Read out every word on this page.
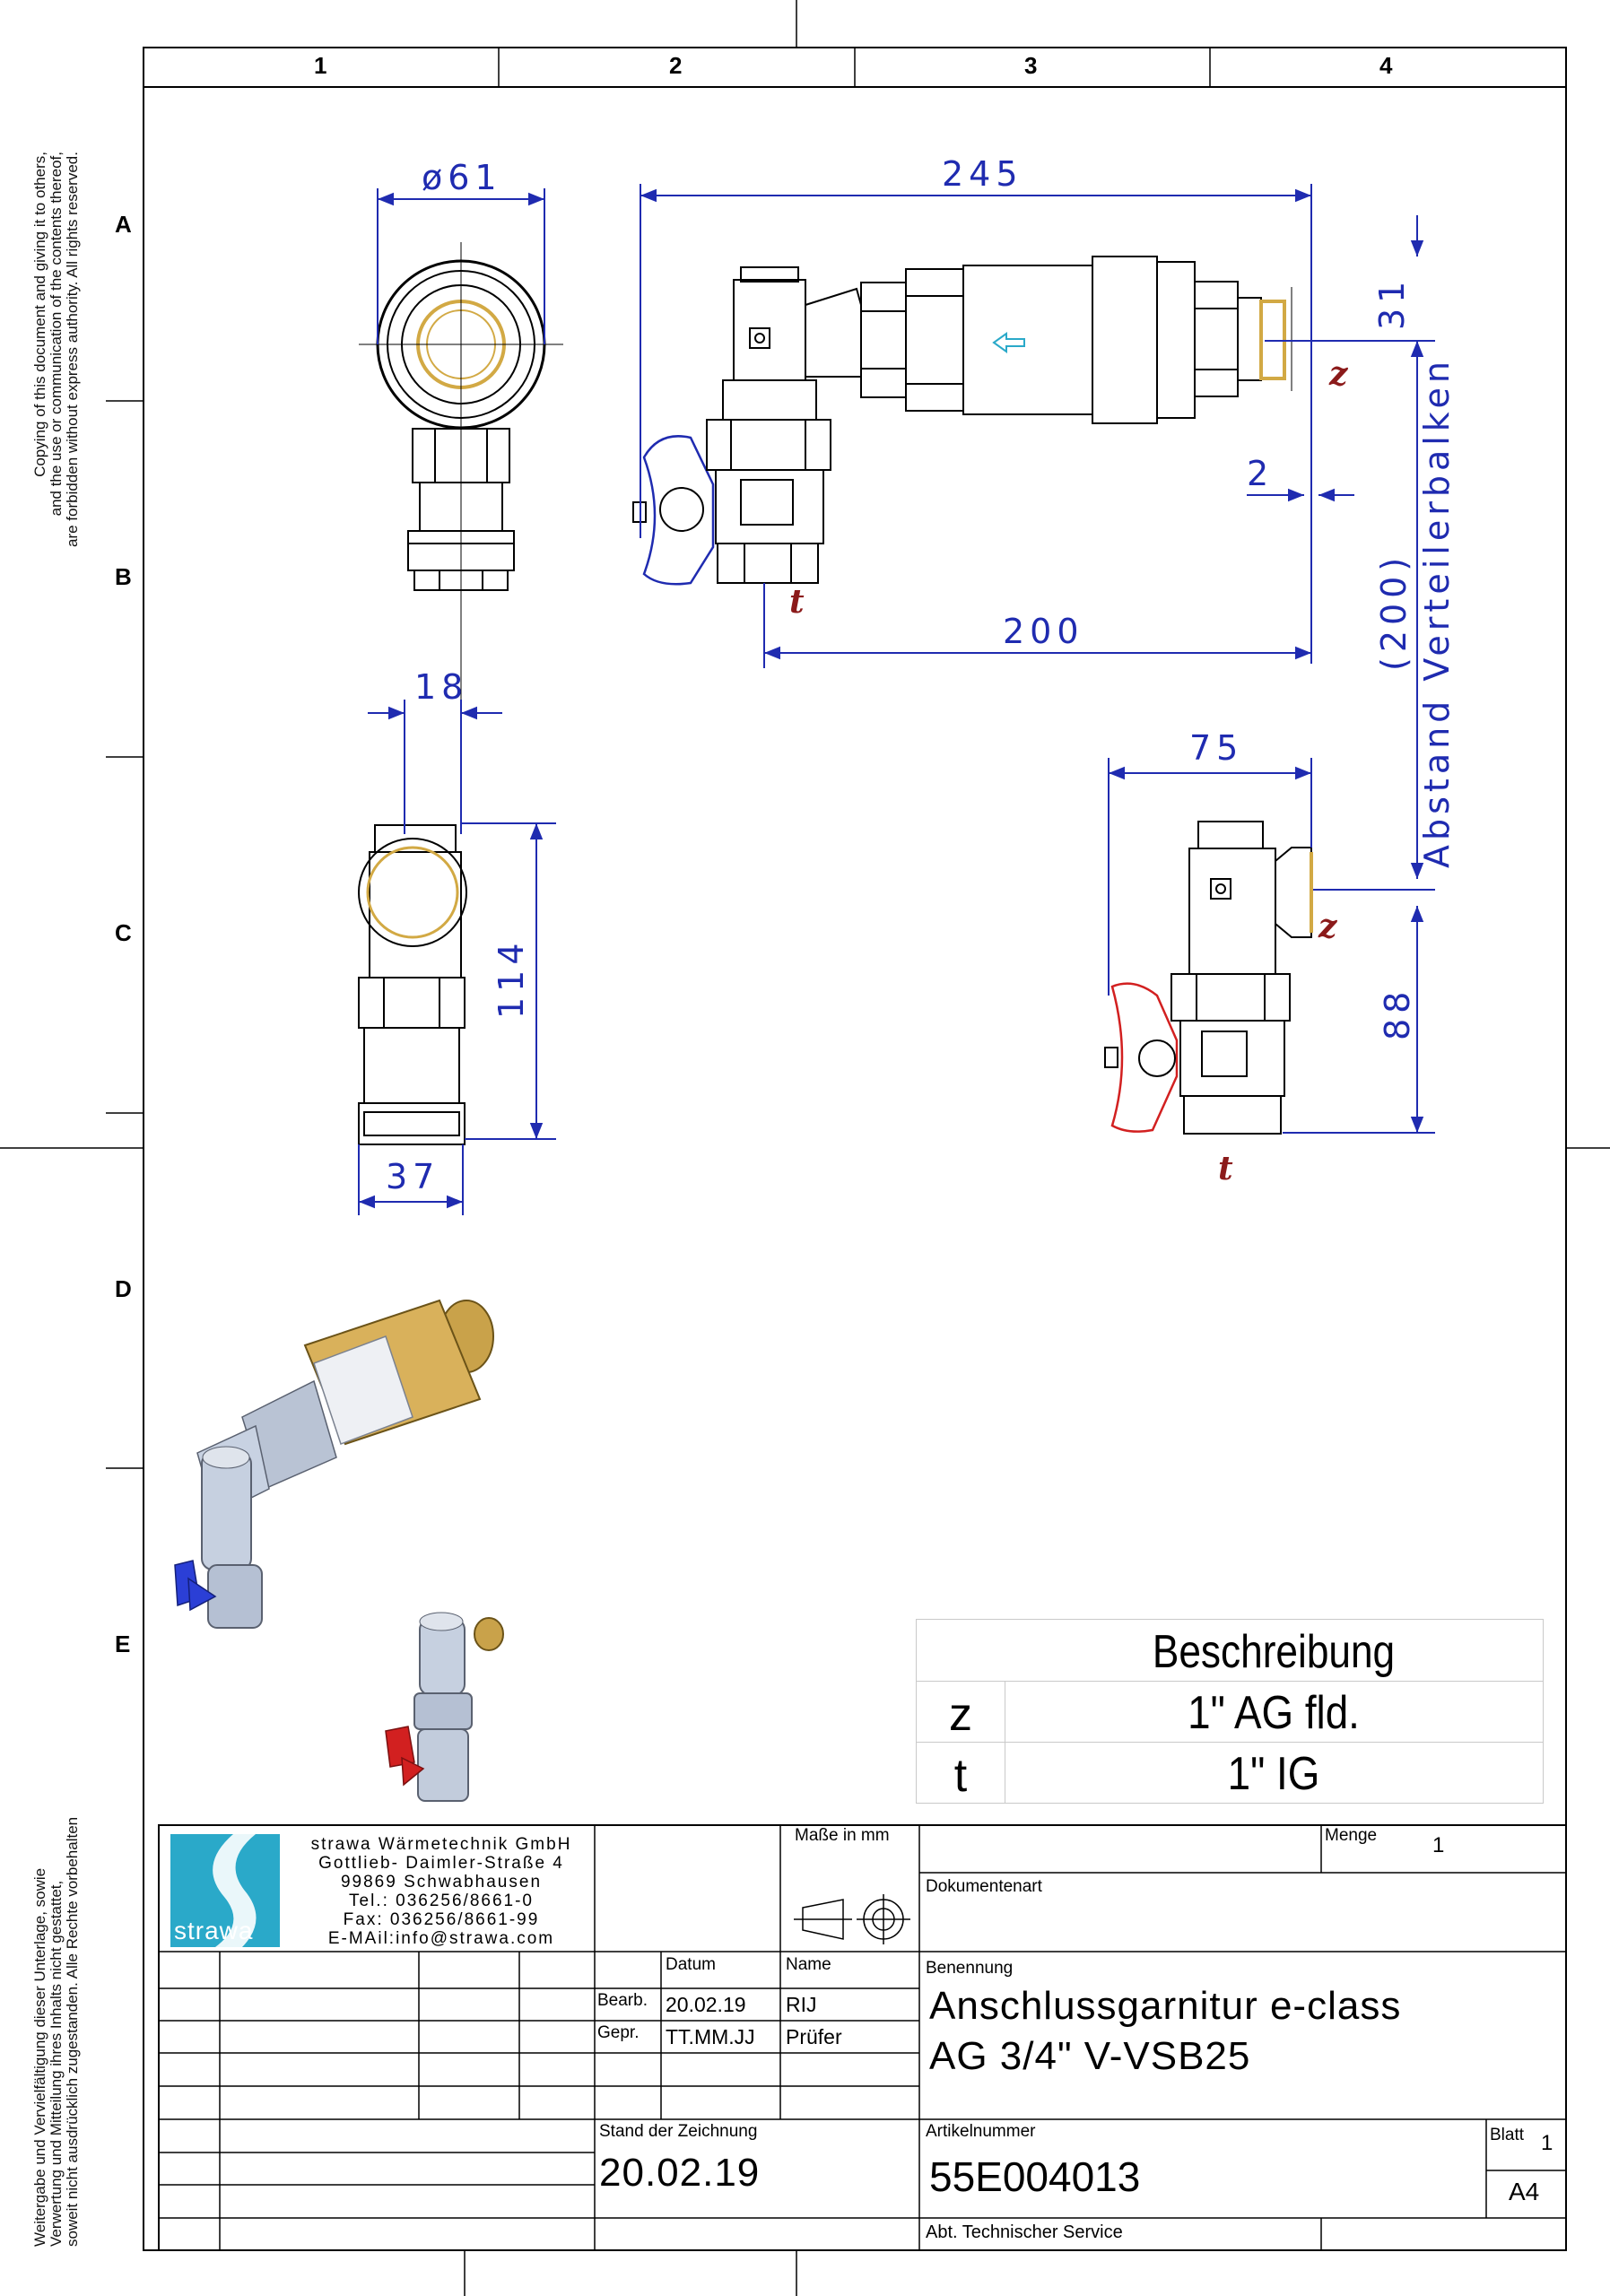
1	2	3	4
A
B
C
D
E
Copying of this document and giving it to others, and the use or communication of the contents thereof, are forbidden without express authority. All rights reserved.
Weitergabe und Vervielfältigung dieser Unterlage, sowie Verwertung und Mitteilung ihres Inhalts nicht gestattet, soweit nicht ausdrücklich zugestanden. Alle Rechte vorbehalten
ø61	245
31
2
200	(200) Abstand Verteilerbalken
18
114
37
75
88
z
t
z
t
Beschreibung
z	1" AG fld.
t	1" IG
strawa
strawa Wärmetechnik GmbH
Gottlieb- Daimler-Straße 4
99869 Schwabhausen
Tel.: 036256/8661-0
Fax: 036256/8661-99
E-MAil:info@strawa.com
Maße in mm	Menge	1
Dokumentenart
Datum	Name	Benennung
Bearb. 20.02.19 RIJ
Gepr. TT.MM.JJ Prüfer
Anschlussgarnitur e-class
AG 3/4" V-VSB25
Stand der Zeichnung
20.02.19
Artikelnummer
55E004013
Blatt 1
A4
Abt. Technischer Service
